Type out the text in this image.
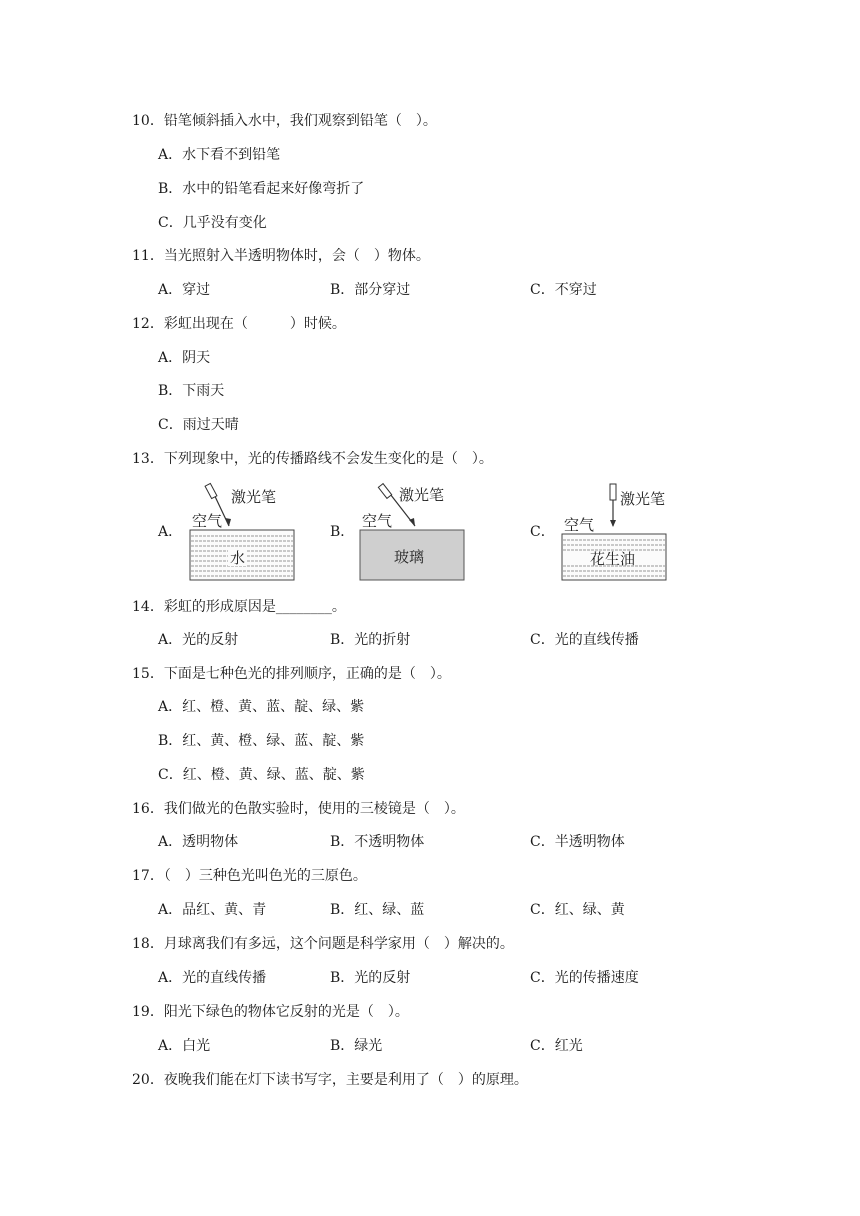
10．铅笔倾斜插入水中，我们观察到铅笔（　）。
A．水下看不到铅笔
B．水中的铅笔看起来好像弯折了
C．几乎没有变化
11．当光照射入半透明物体时，会（　）物体。
A．穿过	B．部分穿过	C．不穿过
12．彩虹出现在（　　　）时候。
A．阴天
B．下雨天
C．雨过天晴
13．下列现象中，光的传播路线不会发生变化的是（　）。
A．
激光笔
空气
水
B．
激光笔
空气
玻璃
C．
激光笔
空气
花生油
14．彩虹的形成原因是________。
A．光的反射	B．光的折射	C．光的直线传播
15．下面是七种色光的排列顺序，正确的是（　）。
A．红、橙、黄、蓝、靛、绿、紫
B．红、黄、橙、绿、蓝、靛、紫
C．红、橙、黄、绿、蓝、靛、紫
16．我们做光的色散实验时，使用的三棱镜是（　）。
A．透明物体	B．不透明物体	C．半透明物体
17．（　）三种色光叫色光的三原色。
A．品红、黄、青	B．红、绿、蓝	C．红、绿、黄
18．月球离我们有多远，这个问题是科学家用（　）解决的。
A．光的直线传播	B．光的反射	C．光的传播速度
19．阳光下绿色的物体它反射的光是（　）。
A．白光	B．绿光	C．红光
20．夜晚我们能在灯下读书写字，主要是利用了（　）的原理。
